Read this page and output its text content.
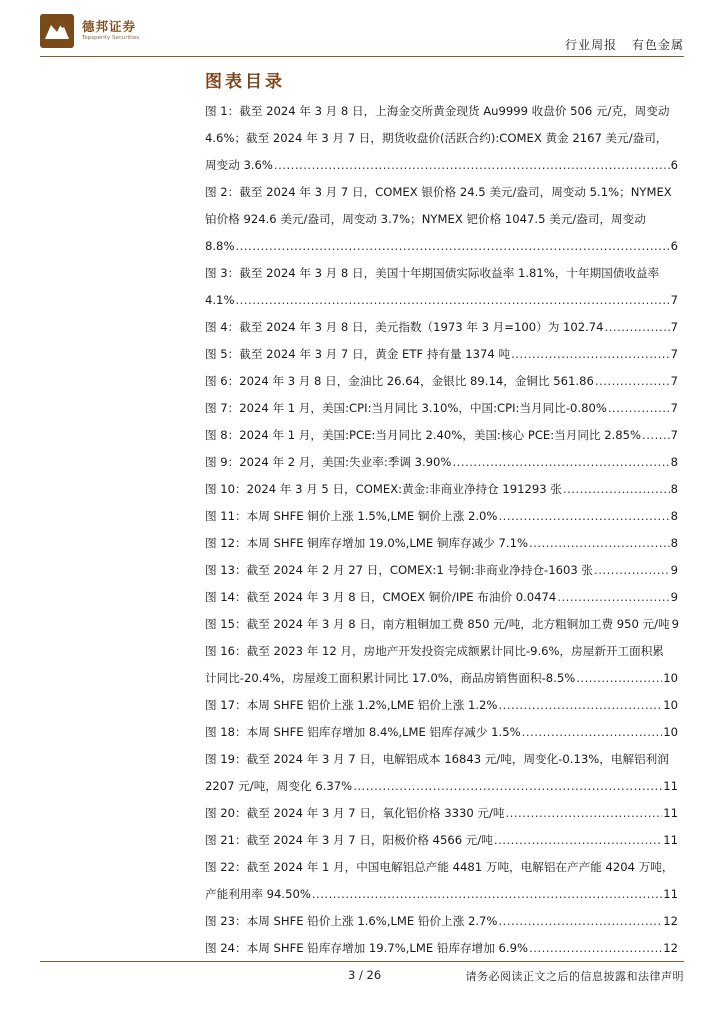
德邦证券
Topsperity Securities	行业周报 有色金属
图表目录
图 1：截至 2024 年 3 月 8 日，上海金交所黄金现货 Au9999 收盘价 506 元/克，周变动
4.6%；截至 2024 年 3 月 7 日，期货收盘价(活跃合约):COMEX 黄金 2167 美元/盎司，
周变动 3.6% .....	6
图 2：截至 2024 年 3 月 7 日，COMEX 银价格 24.5 美元/盎司，周变动 5.1%；NYMEX
铂价格 924.6 美元/盎司，周变动 3.7%；NYMEX 钯价格 1047.5 美元/盎司，周变动
8.8% .....	6
图 3：截至 2024 年 3 月 8 日，美国十年期国债实际收益率 1.81%，十年期国债收益率
4.1% .....	7
图 4：截至 2024 年 3 月 8 日，美元指数（1973 年 3 月=100）为 102.74 .....	7
图 5：截至 2024 年 3 月 7 日，黄金 ETF 持有量 1374 吨 .....	7
图 6：2024 年 3 月 8 日，金油比 26.64，金银比 89.14，金铜比 561.86 .....	7
图 7：2024 年 1 月，美国:CPI:当月同比 3.10%，中国:CPI:当月同比-0.80% .....	7
图 8：2024 年 1 月，美国:PCE:当月同比 2.40%，美国:核心 PCE:当月同比 2.85% .....	7
图 9：2024 年 2 月，美国:失业率:季调 3.90% .....	8
图 10：2024 年 3 月 5 日，COMEX:黄金:非商业净持仓 191293 张 .....	8
图 11：本周 SHFE 铜价上涨 1.5%,LME 铜价上涨 2.0% .....	8
图 12：本周 SHFE 铜库存增加 19.0%,LME 铜库存减少 7.1% .....	8
图 13：截至 2024 年 2 月 27 日，COMEX:1 号铜:非商业净持仓-1603 张 .....	9
图 14：截至 2024 年 3 月 8 日，CMOEX 铜价/IPE 布油价 0.0474 .....	9
图 15：截至 2024 年 3 月 8 日，南方粗铜加工费 850 元/吨，北方粗铜加工费 950 元/吨 9
图 16：截至 2023 年 12 月，房地产开发投资完成额累计同比-9.6%，房屋新开工面积累
计同比-20.4%，房屋竣工面积累计同比 17.0%，商品房销售面积-8.5% .....	10
图 17：本周 SHFE 铝价上涨 1.2%,LME 铝价上涨 1.2% .....	10
图 18：本周 SHFE 铝库存增加 8.4%,LME 铝库存减少 1.5% .....	10
图 19：截至 2024 年 3 月 7 日，电解铝成本 16843 元/吨，周变化-0.13%，电解铝利润
2207 元/吨，周变化 6.37% .....	11
图 20：截至 2024 年 3 月 7 日，氧化铝价格 3330 元/吨 .....	11
图 21：截至 2024 年 3 月 7 日，阳极价格 4566 元/吨 .....	11
图 22：截至 2024 年 1 月，中国电解铝总产能 4481 万吨，电解铝在产产能 4204 万吨，
产能利用率 94.50% .....	11
图 23：本周 SHFE 铅价上涨 1.6%,LME 铅价上涨 2.7% .....	12
图 24：本周 SHFE 铅库存增加 19.7%,LME 铅库存增加 6.9% .....	12
3 / 26	请务必阅读正文之后的信息披露和法律声明
